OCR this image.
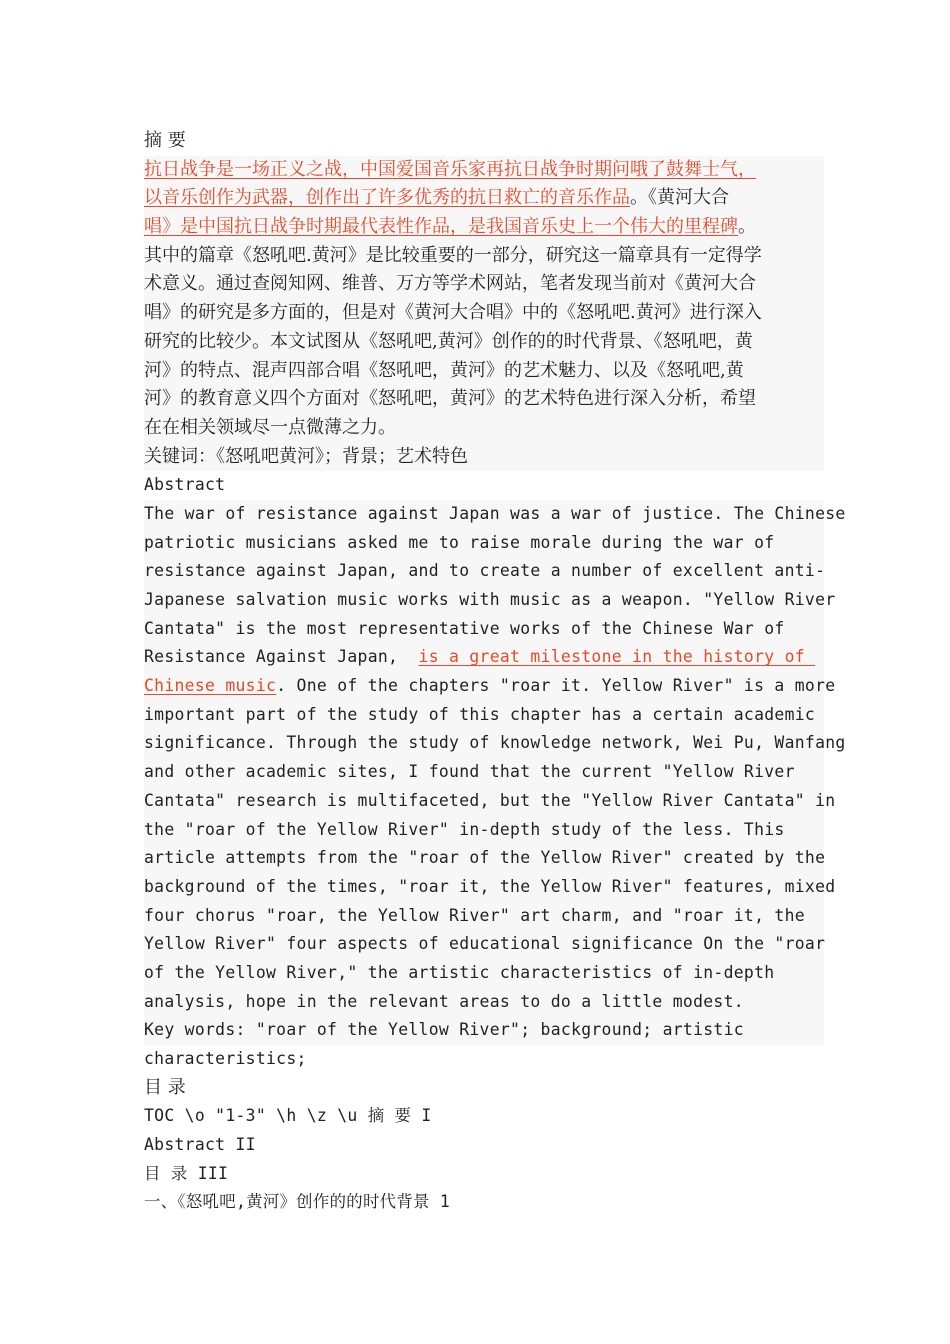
摘 要
抗日战争是一场正义之战，中国爱国音乐家再抗日战争时期问哦了鼓舞士气，
以音乐创作为武器，创作出了许多优秀的抗日救亡的音乐作品。《黄河大合
唱》是中国抗日战争时期最代表性作品，是我国音乐史上一个伟大的里程碑。
其中的篇章《怒吼吧.黄河》是比较重要的一部分，研究这一篇章具有一定得学
术意义。通过查阅知网、维普、万方等学术网站，笔者发现当前对《黄河大合
唱》的研究是多方面的，但是对《黄河大合唱》中的《怒吼吧.黄河》进行深入
研究的比较少。本文试图从《怒吼吧,黄河》创作的的时代背景、《怒吼吧，黄
河》的特点、混声四部合唱《怒吼吧，黄河》的艺术魅力、以及《怒吼吧,黄
河》的教育意义四个方面对《怒吼吧，黄河》的艺术特色进行深入分析，希望
在在相关领域尽一点微薄之力。
关键词：《怒吼吧黄河》；背景；艺术特色
Abstract
The war of resistance against Japan was a war of justice. The Chinese
patriotic musicians asked me to raise morale during the war of
resistance against Japan, and to create a number of excellent anti-
Japanese salvation music works with music as a weapon. "Yellow River
Cantata" is the most representative works of the Chinese War of
Resistance Against Japan,  is a great milestone in the history of
Chinese music. One of the chapters "roar it. Yellow River" is a more
important part of the study of this chapter has a certain academic
significance. Through the study of knowledge network, Wei Pu, Wanfang
and other academic sites, I found that the current "Yellow River
Cantata" research is multifaceted, but the "Yellow River Cantata" in
the "roar of the Yellow River" in-depth study of the less. This
article attempts from the "roar of the Yellow River" created by the
background of the times, "roar it, the Yellow River" features, mixed
four chorus "roar, the Yellow River" art charm, and "roar it, the
Yellow River" four aspects of educational significance On the "roar
of the Yellow River," the artistic characteristics of in-depth
analysis, hope in the relevant areas to do a little modest.
Key words: "roar of the Yellow River"; background; artistic
characteristics;
目 录
TOC \o "1-3" \h \z \u 摘 要 I
Abstract II
目 录 III
一、《怒吼吧,黄河》创作的的时代背景 1
